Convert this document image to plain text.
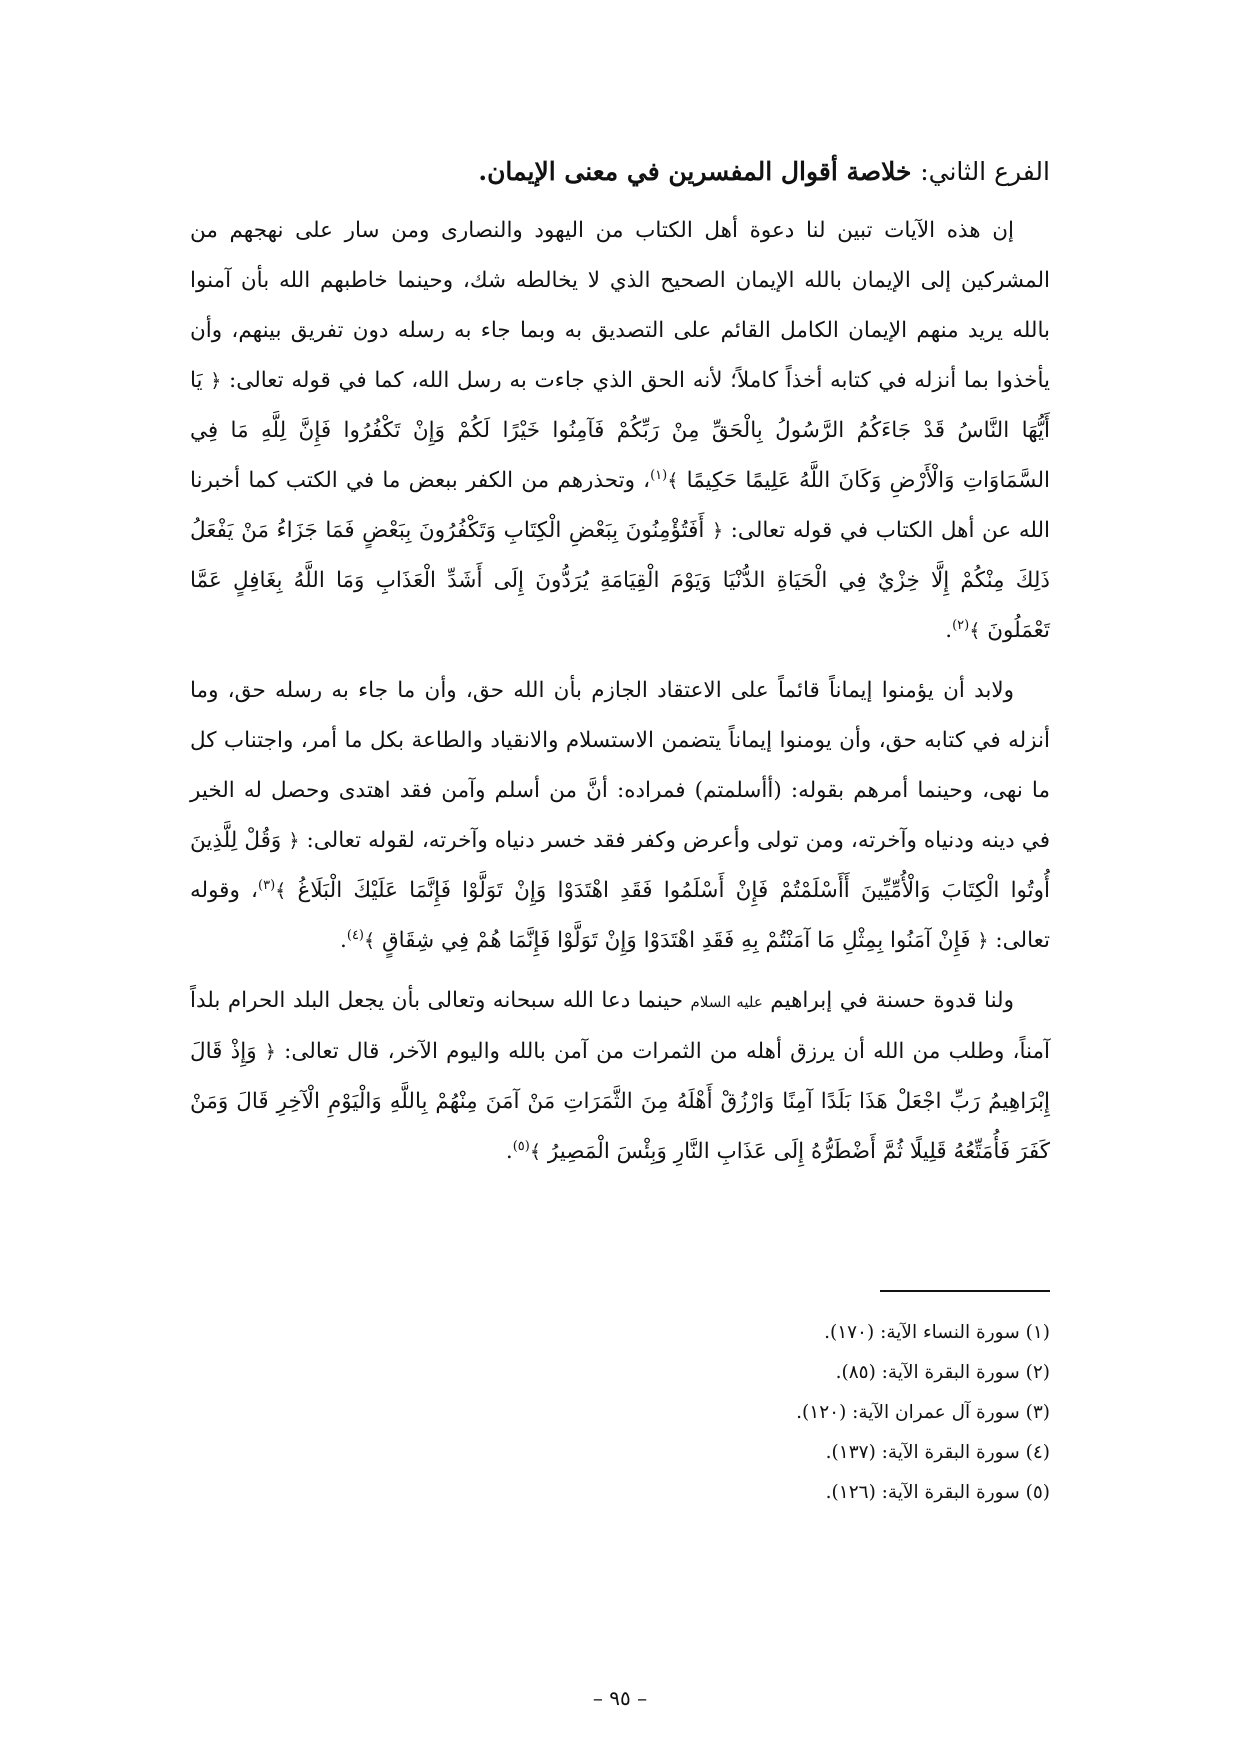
الفرع الثاني: خلاصة أقوال المفسرين في معنى الإيمان.

إن هذه الآيات تبين لنا دعوة أهل الكتاب من اليهود والنصارى ومن سار على نهجهم من المشركين إلى الإيمان بالله الإيمان الصحيح الذي لا يخالطه شك، وحينما خاطبهم الله بأن آمنوا بالله يريد منهم الإيمان الكامل القائم على التصديق به وبما جاء به رسله دون تفريق بينهم، وأن يأخذوا بما أنزله في كتابه أخذاً كاملاً؛ لأنه الحق الذي جاءت به رسل الله، كما في قوله تعالى: ﴿ يَا أَيُّهَا النَّاسُ قَدْ جَاءَكُمُ الرَّسُولُ بِالْحَقِّ مِنْ رَبِّكُمْ فَآمِنُوا خَيْرًا لَكُمْ وَإِنْ تَكْفُرُوا فَإِنَّ لِلَّهِ مَا فِي السَّمَاوَاتِ وَالْأَرْضِ وَكَانَ اللَّهُ عَلِيمًا حَكِيمًا ﴾$^{(١)}$، وتحذرهم من الكفر ببعض ما في الكتب كما أخبرنا الله عن أهل الكتاب في قوله تعالى: ﴿ أَفَتُؤْمِنُونَ بِبَعْضِ الْكِتَابِ وَتَكْفُرُونَ بِبَعْضٍ فَمَا جَزَاءُ مَنْ يَفْعَلُ ذَلِكَ مِنْكُمْ إِلَّا خِزْيٌ فِي الْحَيَاةِ الدُّنْيَا وَيَوْمَ الْقِيَامَةِ يُرَدُّونَ إِلَى أَشَدِّ الْعَذَابِ وَمَا اللَّهُ بِغَافِلٍ عَمَّا تَعْمَلُونَ ﴾$^{(٢)}$.

ولابد أن يؤمنوا إيماناً قائماً على الاعتقاد الجازم بأن الله حق، وأن ما جاء به رسله حق، وما أنزله في كتابه حق، وأن يومنوا إيماناً يتضمن الاستسلام والانقياد والطاعة بكل ما أمر، واجتناب كل ما نهى، وحينما أمرهم بقوله: (أأسلمتم) فمراده: أنَّ من أسلم وآمن فقد اهتدى وحصل له الخير في دينه ودنياه وآخرته، ومن تولى وأعرض وكفر فقد خسر دنياه وآخرته، لقوله تعالى: ﴿ وَقُلْ لِلَّذِينَ أُوتُوا الْكِتَابَ وَالْأُمِّيِّينَ أَأَسْلَمْتُمْ فَإِنْ أَسْلَمُوا فَقَدِ اهْتَدَوْا وَإِنْ تَوَلَّوْا فَإِنَّمَا عَلَيْكَ الْبَلَاغُ ﴾$^{(٣)}$، وقوله تعالى: ﴿ فَإِنْ آمَنُوا بِمِثْلِ مَا آمَنْتُمْ بِهِ فَقَدِ اهْتَدَوْا وَإِنْ تَوَلَّوْا فَإِنَّمَا هُمْ فِي شِقَاقٍ ﴾$^{(٤)}$.

ولنا قدوة حسنة في إبراهيم عليه السلام حينما دعا الله سبحانه وتعالى بأن يجعل البلد الحرام بلداً آمناً، وطلب من الله أن يرزق أهله من الثمرات من آمن بالله واليوم الآخر، قال تعالى: ﴿ وَإِذْ قَالَ إِبْرَاهِيمُ رَبِّ اجْعَلْ هَذَا بَلَدًا آمِنًا وَارْزُقْ أَهْلَهُ مِنَ الثَّمَرَاتِ مَنْ آمَنَ مِنْهُمْ بِاللَّهِ وَالْيَوْمِ الْآخِرِ قَالَ وَمَنْ كَفَرَ فَأُمَتِّعُهُ قَلِيلًا ثُمَّ أَضْطَرُّهُ إِلَى عَذَابِ النَّارِ وَبِئْسَ الْمَصِيرُ ﴾$^{(٥)}$.

(١) سورة النساء الآية: (١٧٠).
(٢) سورة البقرة الآية: (٨٥).
(٣) سورة آل عمران الآية: (١٢٠).
(٤) سورة البقرة الآية: (١٣٧).
(٥) سورة البقرة الآية: (١٢٦).
– ٩٥ –
